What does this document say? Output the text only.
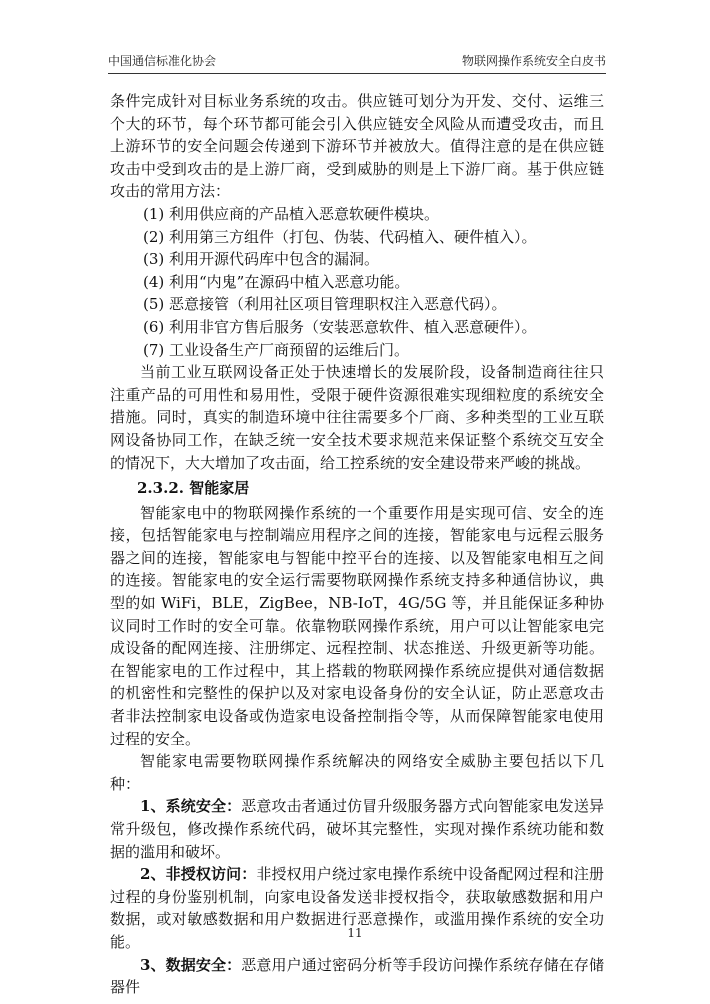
中国通信标准化协会	物联网操作系统安全白皮书

条件完成针对目标业务系统的攻击。供应链可划分为开发、交付、运维三个大的环节，每个环节都可能会引入供应链安全风险从而遭受攻击，而且上游环节的安全问题会传递到下游环节并被放大。值得注意的是在供应链攻击中受到攻击的是上游厂商，受到威胁的则是上下游厂商。基于供应链攻击的常用方法：

(1) 利用供应商的产品植入恶意软硬件模块。

(2) 利用第三方组件（打包、伪装、代码植入、硬件植入）。

(3) 利用开源代码库中包含的漏洞。

(4) 利用“内鬼”在源码中植入恶意功能。

(5) 恶意接管（利用社区项目管理职权注入恶意代码）。

(6) 利用非官方售后服务（安装恶意软件、植入恶意硬件）。

(7) 工业设备生产厂商预留的运维后门。

当前工业互联网设备正处于快速增长的发展阶段，设备制造商往往只注重产品的可用性和易用性，受限于硬件资源很难实现细粒度的系统安全措施。同时，真实的制造环境中往往需要多个厂商、多种类型的工业互联网设备协同工作，在缺乏统一安全技术要求规范来保证整个系统交互安全的情况下，大大增加了攻击面，给工控系统的安全建设带来严峻的挑战。

2.3.2. 智能家居

智能家电中的物联网操作系统的一个重要作用是实现可信、安全的连接，包括智能家电与控制端应用程序之间的连接，智能家电与远程云服务器之间的连接，智能家电与智能中控平台的连接、以及智能家电相互之间的连接。智能家电的安全运行需要物联网操作系统支持多种通信协议，典型的如 WiFi，BLE，ZigBee，NB-IoT，4G/5G 等，并且能保证多种协议同时工作时的安全可靠。依靠物联网操作系统，用户可以让智能家电完成设备的配网连接、注册绑定、远程控制、状态推送、升级更新等功能。在智能家电的工作过程中，其上搭载的物联网操作系统应提供对通信数据的机密性和完整性的保护以及对家电设备身份的安全认证，防止恶意攻击者非法控制家电设备或伪造家电设备控制指令等，从而保障智能家电使用过程的安全。

智能家电需要物联网操作系统解决的网络安全威胁主要包括以下几种：

1、系统安全：恶意攻击者通过仿冒升级服务器方式向智能家电发送异常升级包，修改操作系统代码，破坏其完整性，实现对操作系统功能和数据的滥用和破坏。

2、非授权访问：非授权用户绕过家电操作系统中设备配网过程和注册过程的身份鉴别机制，向家电设备发送非授权指令，获取敏感数据和用户数据，或对敏感数据和用户数据进行恶意操作，或滥用操作系统的安全功能。

3、数据安全：恶意用户通过密码分析等手段访问操作系统存储在存储器件

11
